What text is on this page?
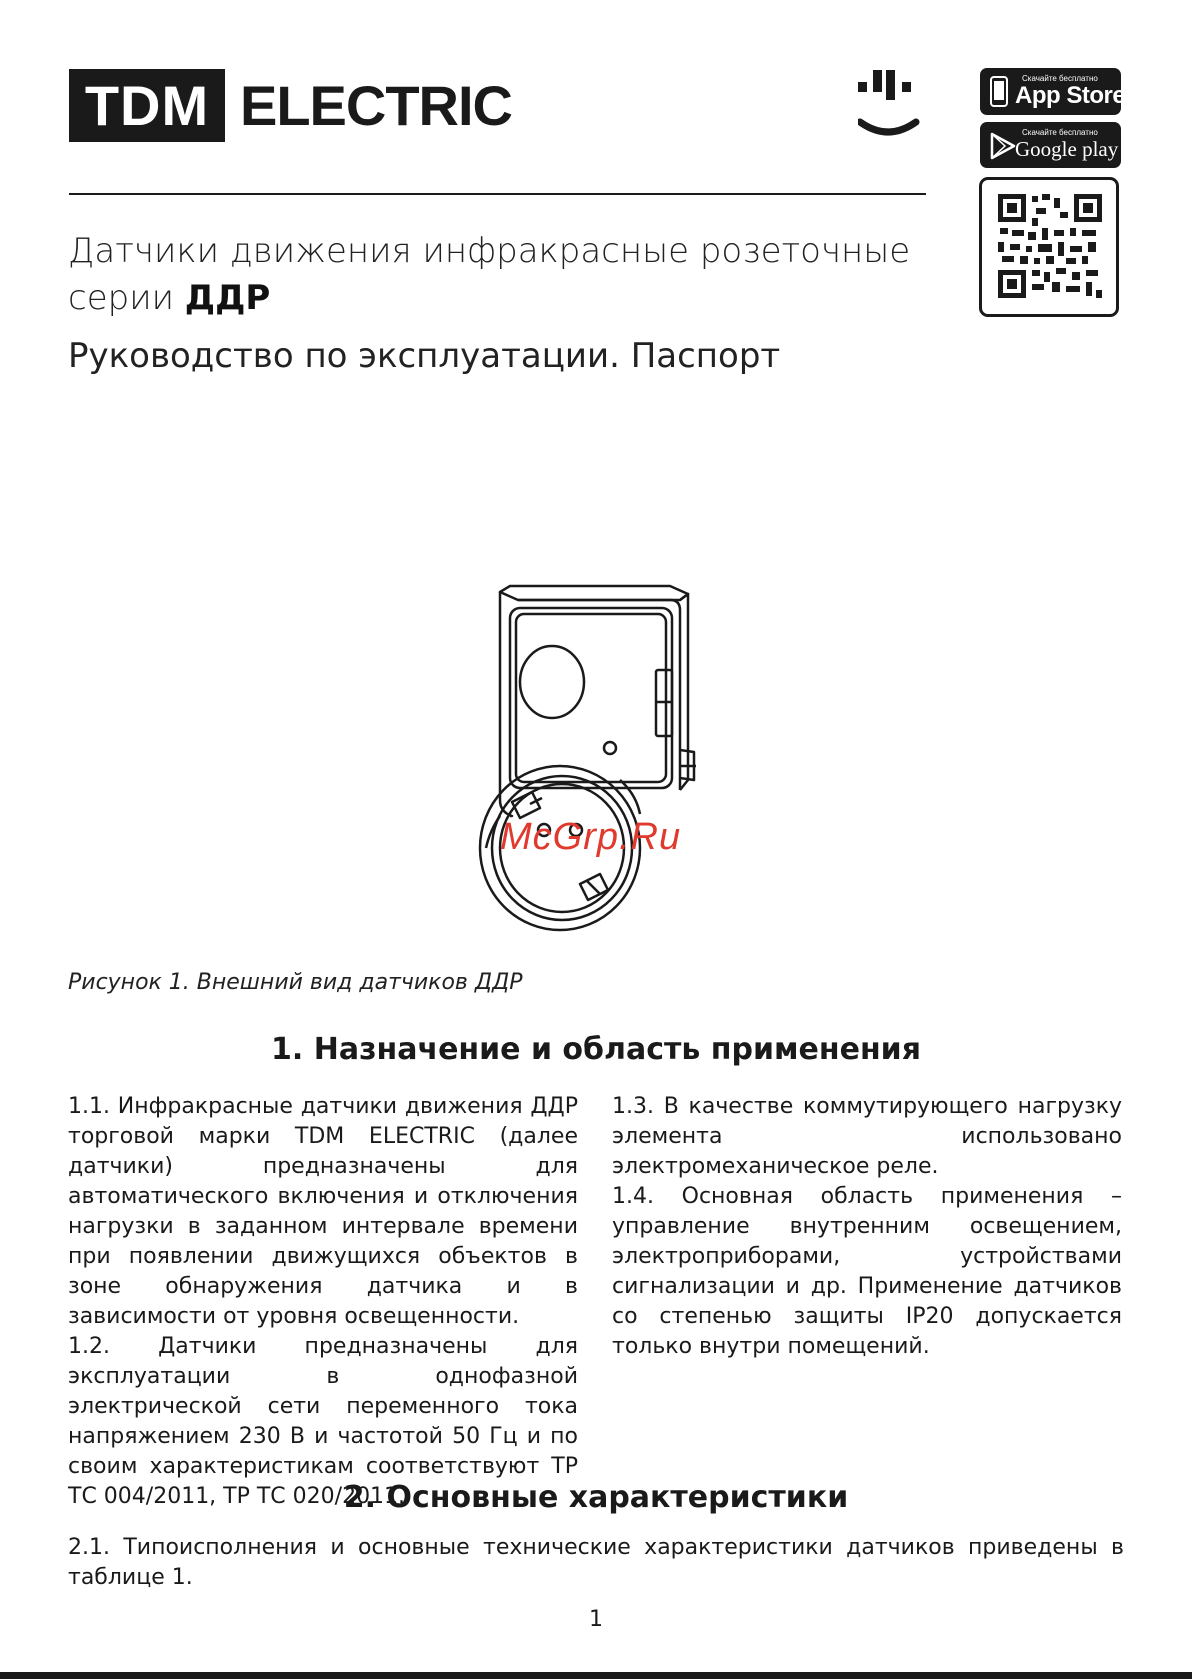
TDM ELECTRIC	Скачайте бесплатно
App Store
Скачайте бесплатно
Google play
Датчики движения инфракрасные розеточные
серии ДДР
Руководство по эксплуатации. Паспорт
McGrp.Ru
Рисунок 1. Внешний вид датчиков ДДР
1. Назначение и область применения

1.1. Инфракрасные датчики движения ДДР торговой марки TDM ELECTRIC (далее датчики) предназначены для автоматического включения и отключения нагрузки в заданном интервале времени при появлении движущихся объектов в зоне обнаружения датчика и в зависимости от уровня освещенности.

1.2. Датчики предназначены для эксплуатации в однофазной электрической сети переменного тока напряжением 230 В и частотой 50 Гц и по своим характеристикам соответствуют ТР ТС 004/2011, ТР ТС 020/2011.

1.3. В качестве коммутирующего нагрузку элемента использовано электромеханическое реле.

1.4. Основная область применения – управление внутренним освещением, электроприборами, устройствами сигнализации и др. Применение датчиков со степенью защиты IP20 допускается только внутри помещений.

2. Основные характеристики
2.1. Типоисполнения и основные технические характеристики датчиков приведены в таблице 1.
1
